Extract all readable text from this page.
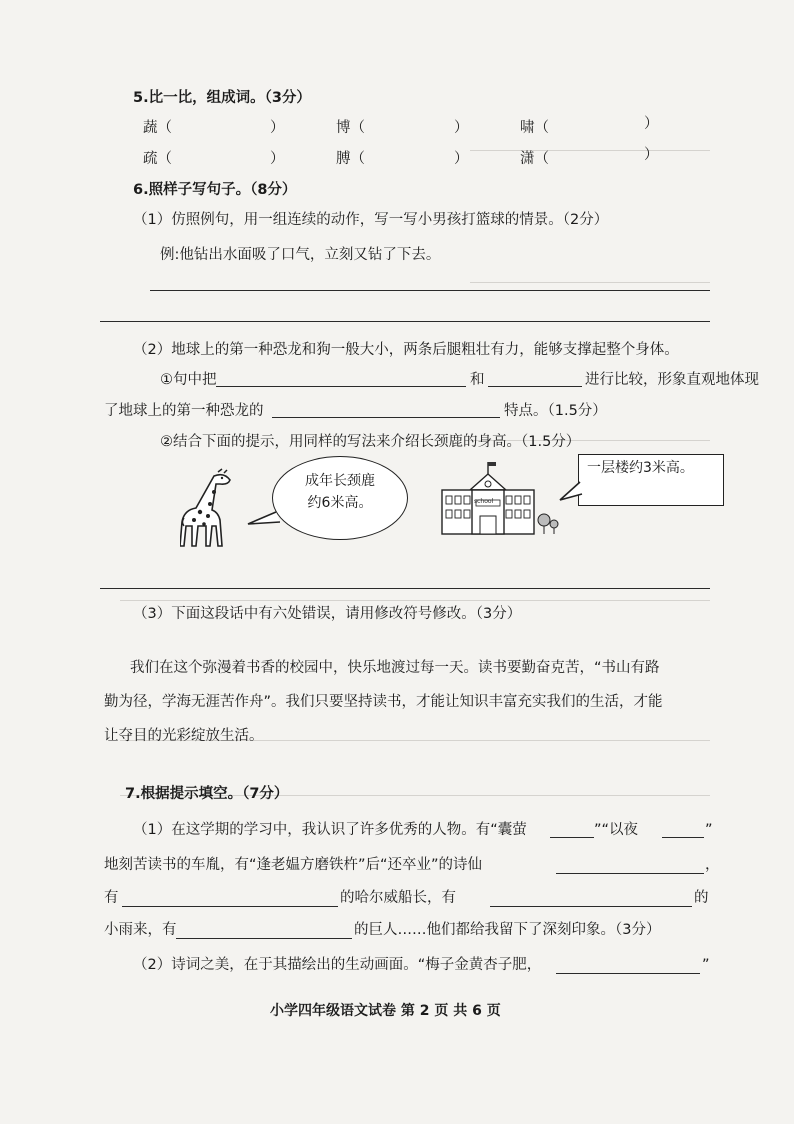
5.比一比，组成词。（3分）
蔬（	）	博（	）	啸（	）
疏（	）	膊（	）	潇（	）
6.照样子写句子。（8分）
（1）仿照例句，用一组连续的动作，写一写小男孩打篮球的情景。（2分）
例:他钻出水面吸了口气，立刻又钻了下去。
（2）地球上的第一种恐龙和狗一般大小，两条后腿粗壮有力，能够支撑起整个身体。
①句中把	和	进行比较，形象直观地体现
了地球上的第一种恐龙的	特点。（1.5分）
②结合下面的提示，用同样的写法来介绍长颈鹿的身高。（1.5分）
成年长颈鹿
约6米高。	school
一层楼约3米高。
（3）下面这段话中有六处错误，请用修改符号修改。（3分）
我们在这个弥漫着书香的校园中，快乐地渡过每一天。读书要勤奋克苦，“书山有路
勤为径，学海无涯苦作舟”。我们只要坚持读书，才能让知识丰富充实我们的生活，才能
让夺目的光彩绽放生活。
7.根据提示填空。（7分）
（1）在这学期的学习中，我认识了许多优秀的人物。有“囊萤	”“以夜	”
地刻苦读书的车胤，有“逢老媪方磨铁杵”后“还卒业”的诗仙	，
有	的哈尔威船长，有	的
小雨来，有	的巨人……他们都给我留下了深刻印象。（3分）
（2）诗词之美，在于其描绘出的生动画面。“梅子金黄杏子肥，	”
小学四年级语文试卷 第 2 页 共 6 页
